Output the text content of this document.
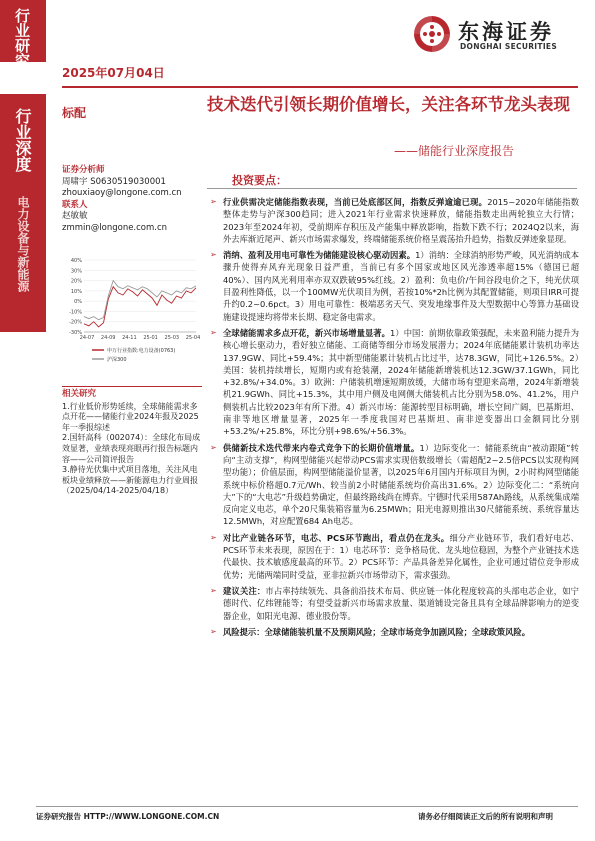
行业研究
行业深度
电力设备与新能源
东海证券
DONGHAI SECURITIES
2025年07月04日
标配	技术迭代引领长期价值增长，关注各环节龙头表现
——储能行业深度报告
证券分析师
周啸宇 S0630519030001
zhouxiaoy@longone.com.cn
联系人
赵敏敏
zmmin@longone.com.cn
40%
30%
20%
10%
0%
-10%
-20%
-30%
24-07 24-09 24-11 25-01 25-03 25-04
申万行业指数:电力设备(0763)
沪深300
相关研究

1.行业低价形势延续，全球储能需求多点开花——储能行业2024年报及2025年一季报综述

2.国轩高科（002074）：全球化布局成效显著，业绩表现亮眼再行报告标题内容——公司简评报告

3.静待光伏集中式项目落地，关注风电板块业绩释放——新能源电力行业周报（2025/04/14-2025/04/18）

投资要点：
➢ 行业供需决定储能指数表现，当前已处底部区间，指数反弹逾逾已现。2015~2020年储能指数整体走势与沪深300趋同；进入2021年行业需求快速释放，储能指数走出两轮独立大行情；2023年至2024年初，受前期库存积压及产能集中释放影响，指数下跌不行；2024Q2以来，海外去库渐近尾声、新兴市场需求爆发，终端储能系统价格呈震荡抬升趋势，指数反弹迹象显现。
➢ 消纳、盈利及用电可靠性为储能建设核心驱动因素。1）消纳：全球消纳形势严峻，风光消纳成本骤升使得弃风弃光现象日益严重，当前已有多个国家或地区风光渗透率超15%（德国已超40%）、国内风光利用率亦双双跌破95%红线。2）盈利：负电价/午间谷段电价之下，纯光伏项目盈利性降低，以一个100MW光伏项目为例，若按10%*2h比例为其配置储能，则项目IRR可提升约0.2~0.6pct。3）用电可靠性：极端恶劣天气、突发地缘事件及大型数据中心等算力基础设施建设提速均将带来长期、稳定备电需求。
➢ 全球储能需求多点开花，新兴市场增量显著。1）中国：前期依靠政策强配，未来盈利能力提升为核心增长驱动力，看好独立储能、工商储等细分市场发展潜力；2024年底储能累计装机功率达137.9GW、同比+59.4%；其中新型储能累计装机占比过半，达78.3GW，同比+126.5%。2）美国：装机持续增长，短期内或有抢装潮，2024年储能新增装机达12.3GW/37.1GWh，同比+32.8%/+34.0%。3）欧洲：户储装机增速短期放缓，大储市场有望迎来高增，2024年新增装机21.9GWh、同比+15.3%，其中用户侧及电网侧大储装机占比分别为58.0%、41.2%，用户侧装机占比较2023年有所下滑。4）新兴市场：能源转型目标明确，增长空间广阔，巴基斯坦、南非等地区增量显著，2025年一季度我国对巴基斯坦、南非逆变器出口金额同比分别+53.2%/+25.8%，环比分别+98.6%/+56.3%。
➢ 供储新技术迭代带来内卷式竞争下的长期价值增量。1）边际变化一：储能系统由“被动跟随”转向“主动支撑”，构网型储能兴起带动PCS需求实现倍数级增长（需超配2~2.5倍PCS以实现构网型功能）；价值层面，构网型储能溢价显著，以2025年6月国内开标项目为例，2小时构网型储能系统中标价格超0.7元/Wh、较当前2小时储能系统均价高出31.6%。2）边际变化二：“系统向大”下的“大电芯”升级趋势确定，但最终路线尚在博弈。宁德时代采用587Ah路线，从系统集成端反向定义电芯，单个20尺集装箱容量为6.25MWh；阳光电源则推出30尺储能系统、系统容量达12.5MWh，对应配置684 Ah电芯。
➢ 对比产业链各环节，电芯、PCS环节跑出，看点仍在龙头。细分产业链环节，我们看好电芯、PCS环节未来表现，原因在于：1）电芯环节：竞争格局优、龙头地位稳固，为整个产业链技术迭代最快、技术敏感度最高的环节。2）PCS环节：产品具备差异化属性，企业可通过错位竞争形成优势；光储两端同时受益，亚非拉新兴市场带动下，需求强劲。
➢ 建议关注：市占率持续领先、具备前沿技术布局、供应链一体化程度较高的头部电芯企业，如宁德时代、亿纬锂能等；有望受益新兴市场需求放量、渠道铺设完备且具有全球品牌影响力的逆变器企业，如阳光电源、德业股份等。
➢ 风险提示：全球储能装机量不及预期风险；全球市场竞争加剧风险；全球政策风险。
证券研究报告 HTTP://WWW.LONGONE.COM.CN	请务必仔细阅读正文后的所有说明和声明
